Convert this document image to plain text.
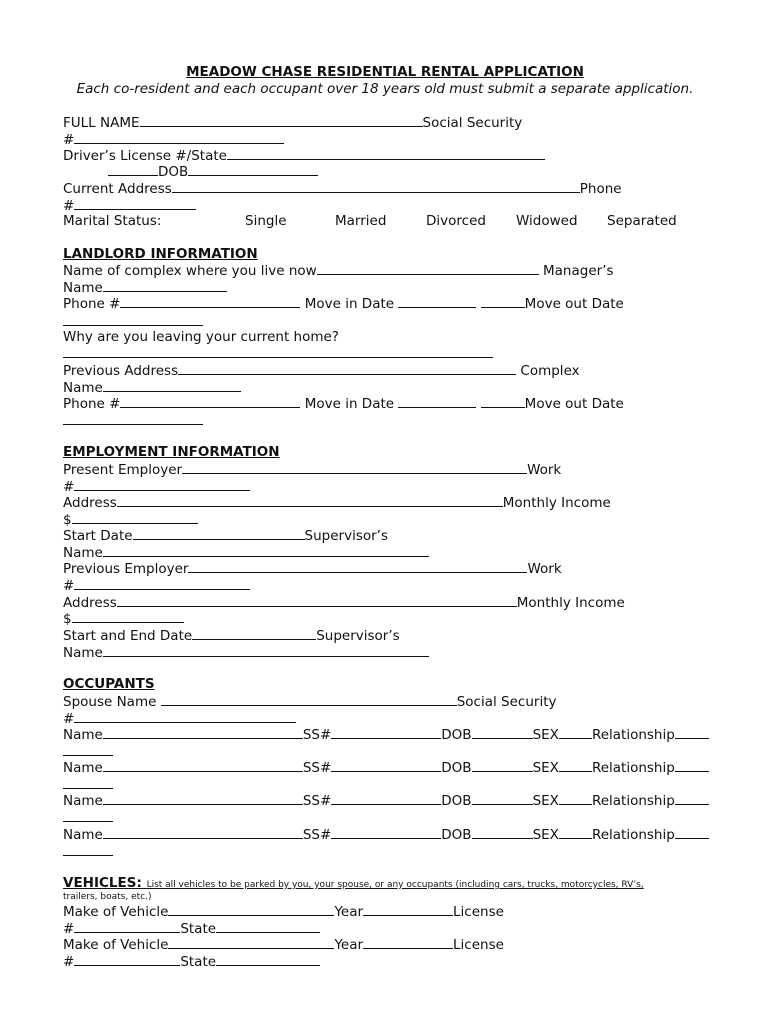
MEADOW CHASE RESIDENTIAL RENTAL APPLICATION
Each co-resident and each occupant over 18 years old must submit a separate application.
FULL NAME	Social Security
#
Driver’s License #/State
DOB
Current Address	Phone
#
Marital Status:	Single	Married	Divorced Widowed Separated
LANDLORD INFORMATION
Name of complex where you live now	Manager’s
Name
Phone #	Move in Date	Move out Date
Why are you leaving your current home?
Previous Address	Complex
Name
Phone #	Move in Date	Move out Date
EMPLOYMENT INFORMATION
Present Employer	Work
#
Address	Monthly Income
$
Start Date	Supervisor’s
Name
Previous Employer	Work
#
Address	Monthly Income
$
Start and End Date	Supervisor’s
Name
OCCUPANTS
Spouse Name	Social Security
#
Name	SS#	DOB	SEX Relationship
Name	SS#	DOB	SEX Relationship
Name	SS#	DOB	SEX Relationship
Name	SS#	DOB	SEX Relationship
VEHICLES: List all vehicles to be parked by you, your spouse, or any occupants (including cars, trucks, motorcycles, RV’s,
trailers, boats, etc.)
Make of Vehicle	Year	License
#	State
Make of Vehicle	Year	License
#	State
